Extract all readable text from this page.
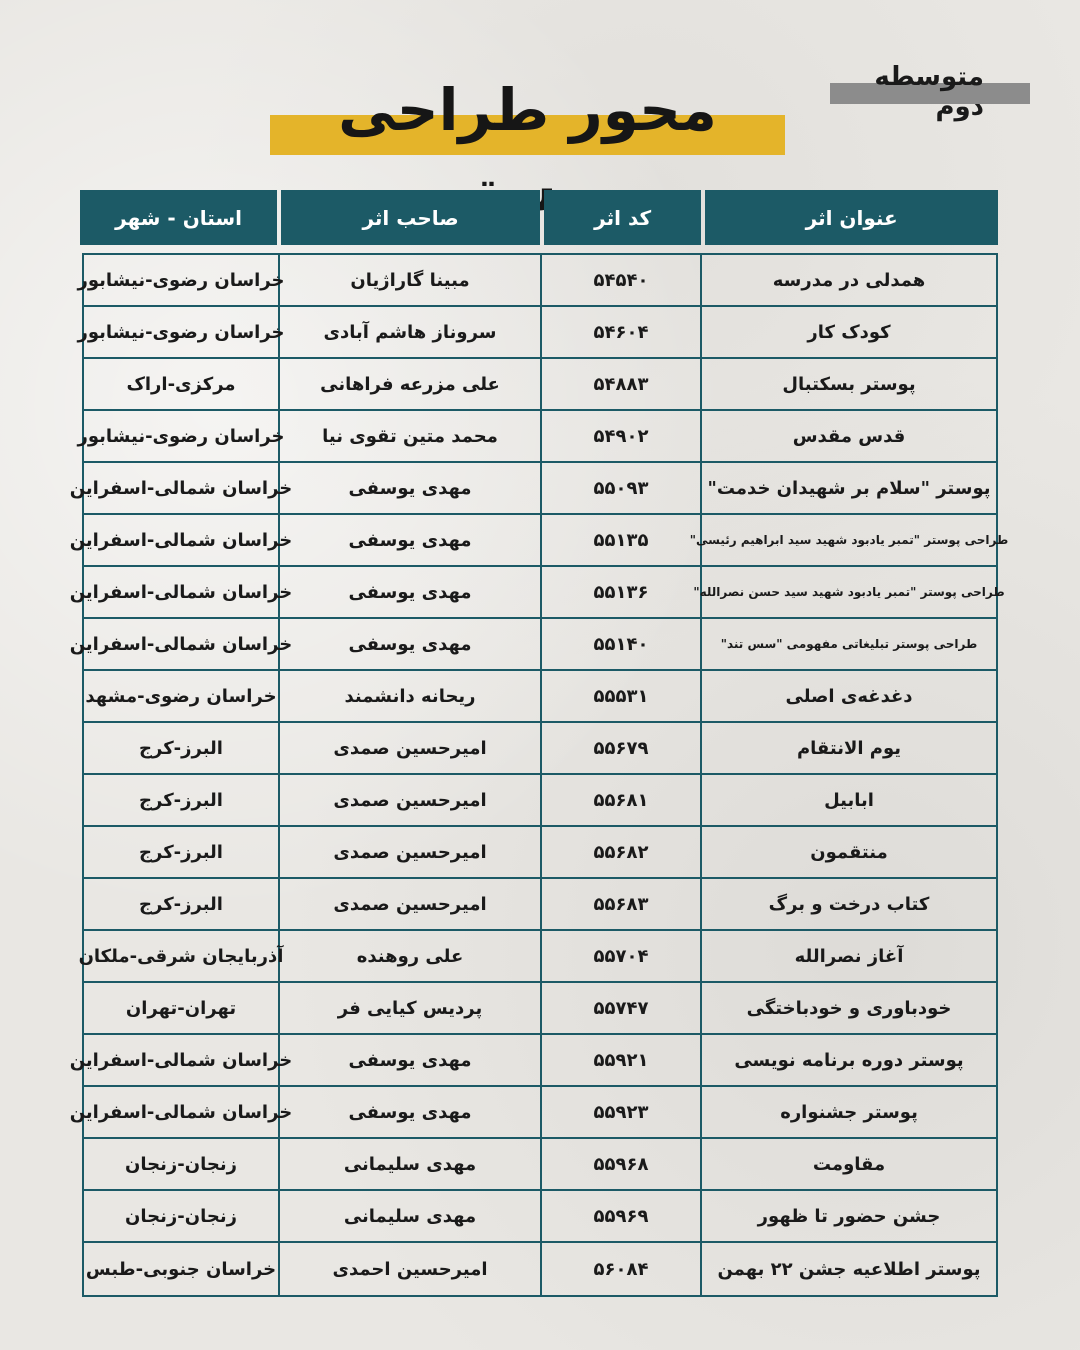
متوسطه دوم
محور طراحی
عنوان اثر
کد اثر
صاحب اثر
استان - شهر
همدلی در مدرسه
۵۴۵۴۰
مبینا گاراژیان
خراسان رضوی-نیشابور
کودک کار
۵۴۶۰۴
سروناز هاشم آبادی
خراسان رضوی-نیشابور
پوستر بسکتبال
۵۴۸۸۳
علی مزرعه فراهانی
مرکزی-اراک
قدس مقدس
۵۴۹۰۲
محمد متین تقوی نیا
خراسان رضوی-نیشابور
پوستر "سلام بر شهیدان خدمت"
۵۵۰۹۳
مهدی یوسفی
خراسان شمالی-اسفراین
طراحی پوستر "تمبر یادبود شهید سید ابراهیم رئیسی"
۵۵۱۳۵
مهدی یوسفی
خراسان شمالی-اسفراین
طراحی پوستر "تمبر یادبود شهید سید حسن نصرالله"
۵۵۱۳۶
مهدی یوسفی
خراسان شمالی-اسفراین
طراحی پوستر تبلیغاتی مفهومی "سس تند"
۵۵۱۴۰
مهدی یوسفی
خراسان شمالی-اسفراین
دغدغه‌ی اصلی
۵۵۵۳۱
ریحانه دانشمند
خراسان رضوی-مشهد
یوم الانتقام
۵۵۶۷۹
امیرحسین صمدی
البرز-کرج
ابابیل
۵۵۶۸۱
امیرحسین صمدی
البرز-کرج
منتقمون
۵۵۶۸۲
امیرحسین صمدی
البرز-کرج
کتاب درخت و برگ
۵۵۶۸۳
امیرحسین صمدی
البرز-کرج
آغاز نصرالله
۵۵۷۰۴
علی روهنده
آذربایجان شرقی-ملکان
خودباوری و خودباختگی
۵۵۷۴۷
پردیس کیایی فر
تهران-تهران
پوستر دوره برنامه نویسی
۵۵۹۲۱
مهدی یوسفی
خراسان شمالی-اسفراین
پوستر جشنواره
۵۵۹۲۳
مهدی یوسفی
خراسان شمالی-اسفراین
مقاومت
۵۵۹۶۸
مهدی سلیمانی
زنجان-زنجان
جشن حضور تا ظهور
۵۵۹۶۹
مهدی سلیمانی
زنجان-زنجان
پوستر اطلاعیه جشن ۲۲ بهمن
۵۶۰۸۴
امیرحسین احمدی
خراسان جنوبی-طبس
